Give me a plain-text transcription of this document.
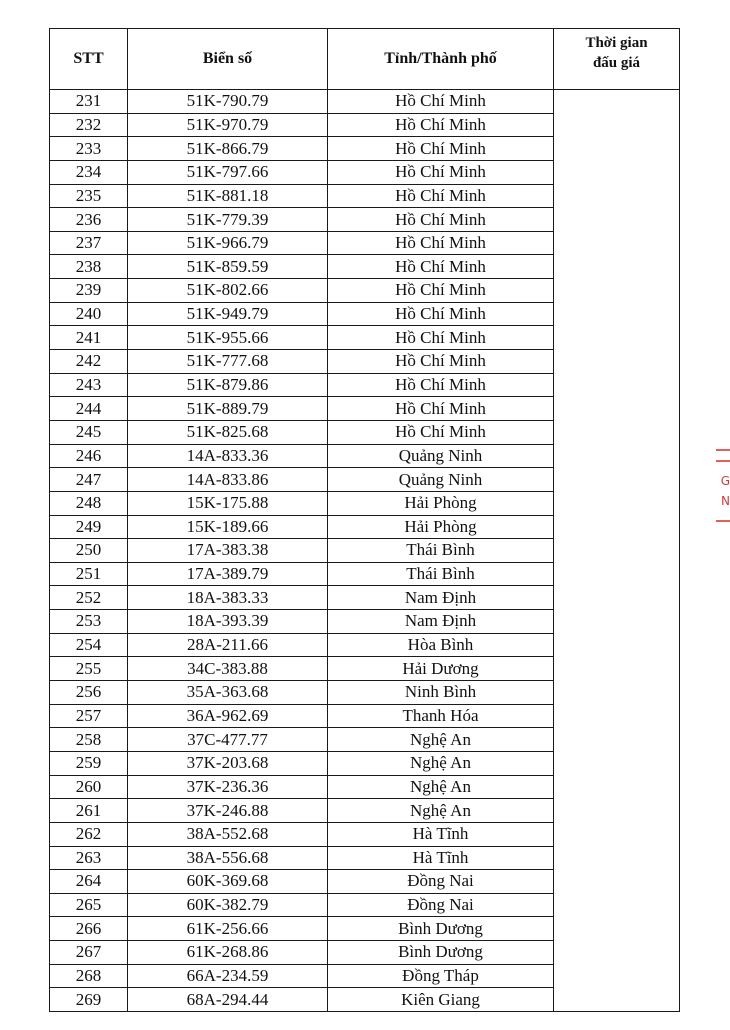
STT	Biển số	Tỉnh/Thành phố	Thời gian
đấu giá
231	51K-790.79	Hồ Chí Minh	
232	51K-970.79	Hồ Chí Minh	
233	51K-866.79	Hồ Chí Minh	
234	51K-797.66	Hồ Chí Minh	
235	51K-881.18	Hồ Chí Minh	
236	51K-779.39	Hồ Chí Minh	
237	51K-966.79	Hồ Chí Minh	
238	51K-859.59	Hồ Chí Minh	
239	51K-802.66	Hồ Chí Minh	
240	51K-949.79	Hồ Chí Minh	
241	51K-955.66	Hồ Chí Minh	
242	51K-777.68	Hồ Chí Minh	
243	51K-879.86	Hồ Chí Minh	
244	51K-889.79	Hồ Chí Minh	
245	51K-825.68	Hồ Chí Minh	
246	14A-833.36	Quảng Ninh	
247	14A-833.86	Quảng Ninh	
248	15K-175.88	Hải Phòng	
249	15K-189.66	Hải Phòng	
250	17A-383.38	Thái Bình	
251	17A-389.79	Thái Bình	
252	18A-383.33	Nam Định	
253	18A-393.39	Nam Định	
254	28A-211.66	Hòa Bình	
255	34C-383.88	Hải Dương	
256	35A-363.68	Ninh Bình	
257	36A-962.69	Thanh Hóa	
258	37C-477.77	Nghệ An	
259	37K-203.68	Nghệ An	
260	37K-236.36	Nghệ An	
261	37K-246.88	Nghệ An	
262	38A-552.68	Hà Tĩnh	
263	38A-556.68	Hà Tĩnh	
264	60K-369.68	Đồng Nai	
265	60K-382.79	Đồng Nai	
266	61K-256.66	Bình Dương	
267	61K-268.86	Bình Dương	
268	66A-234.59	Đồng Tháp	
269	68A-294.44	Kiên Giang	
G
N
